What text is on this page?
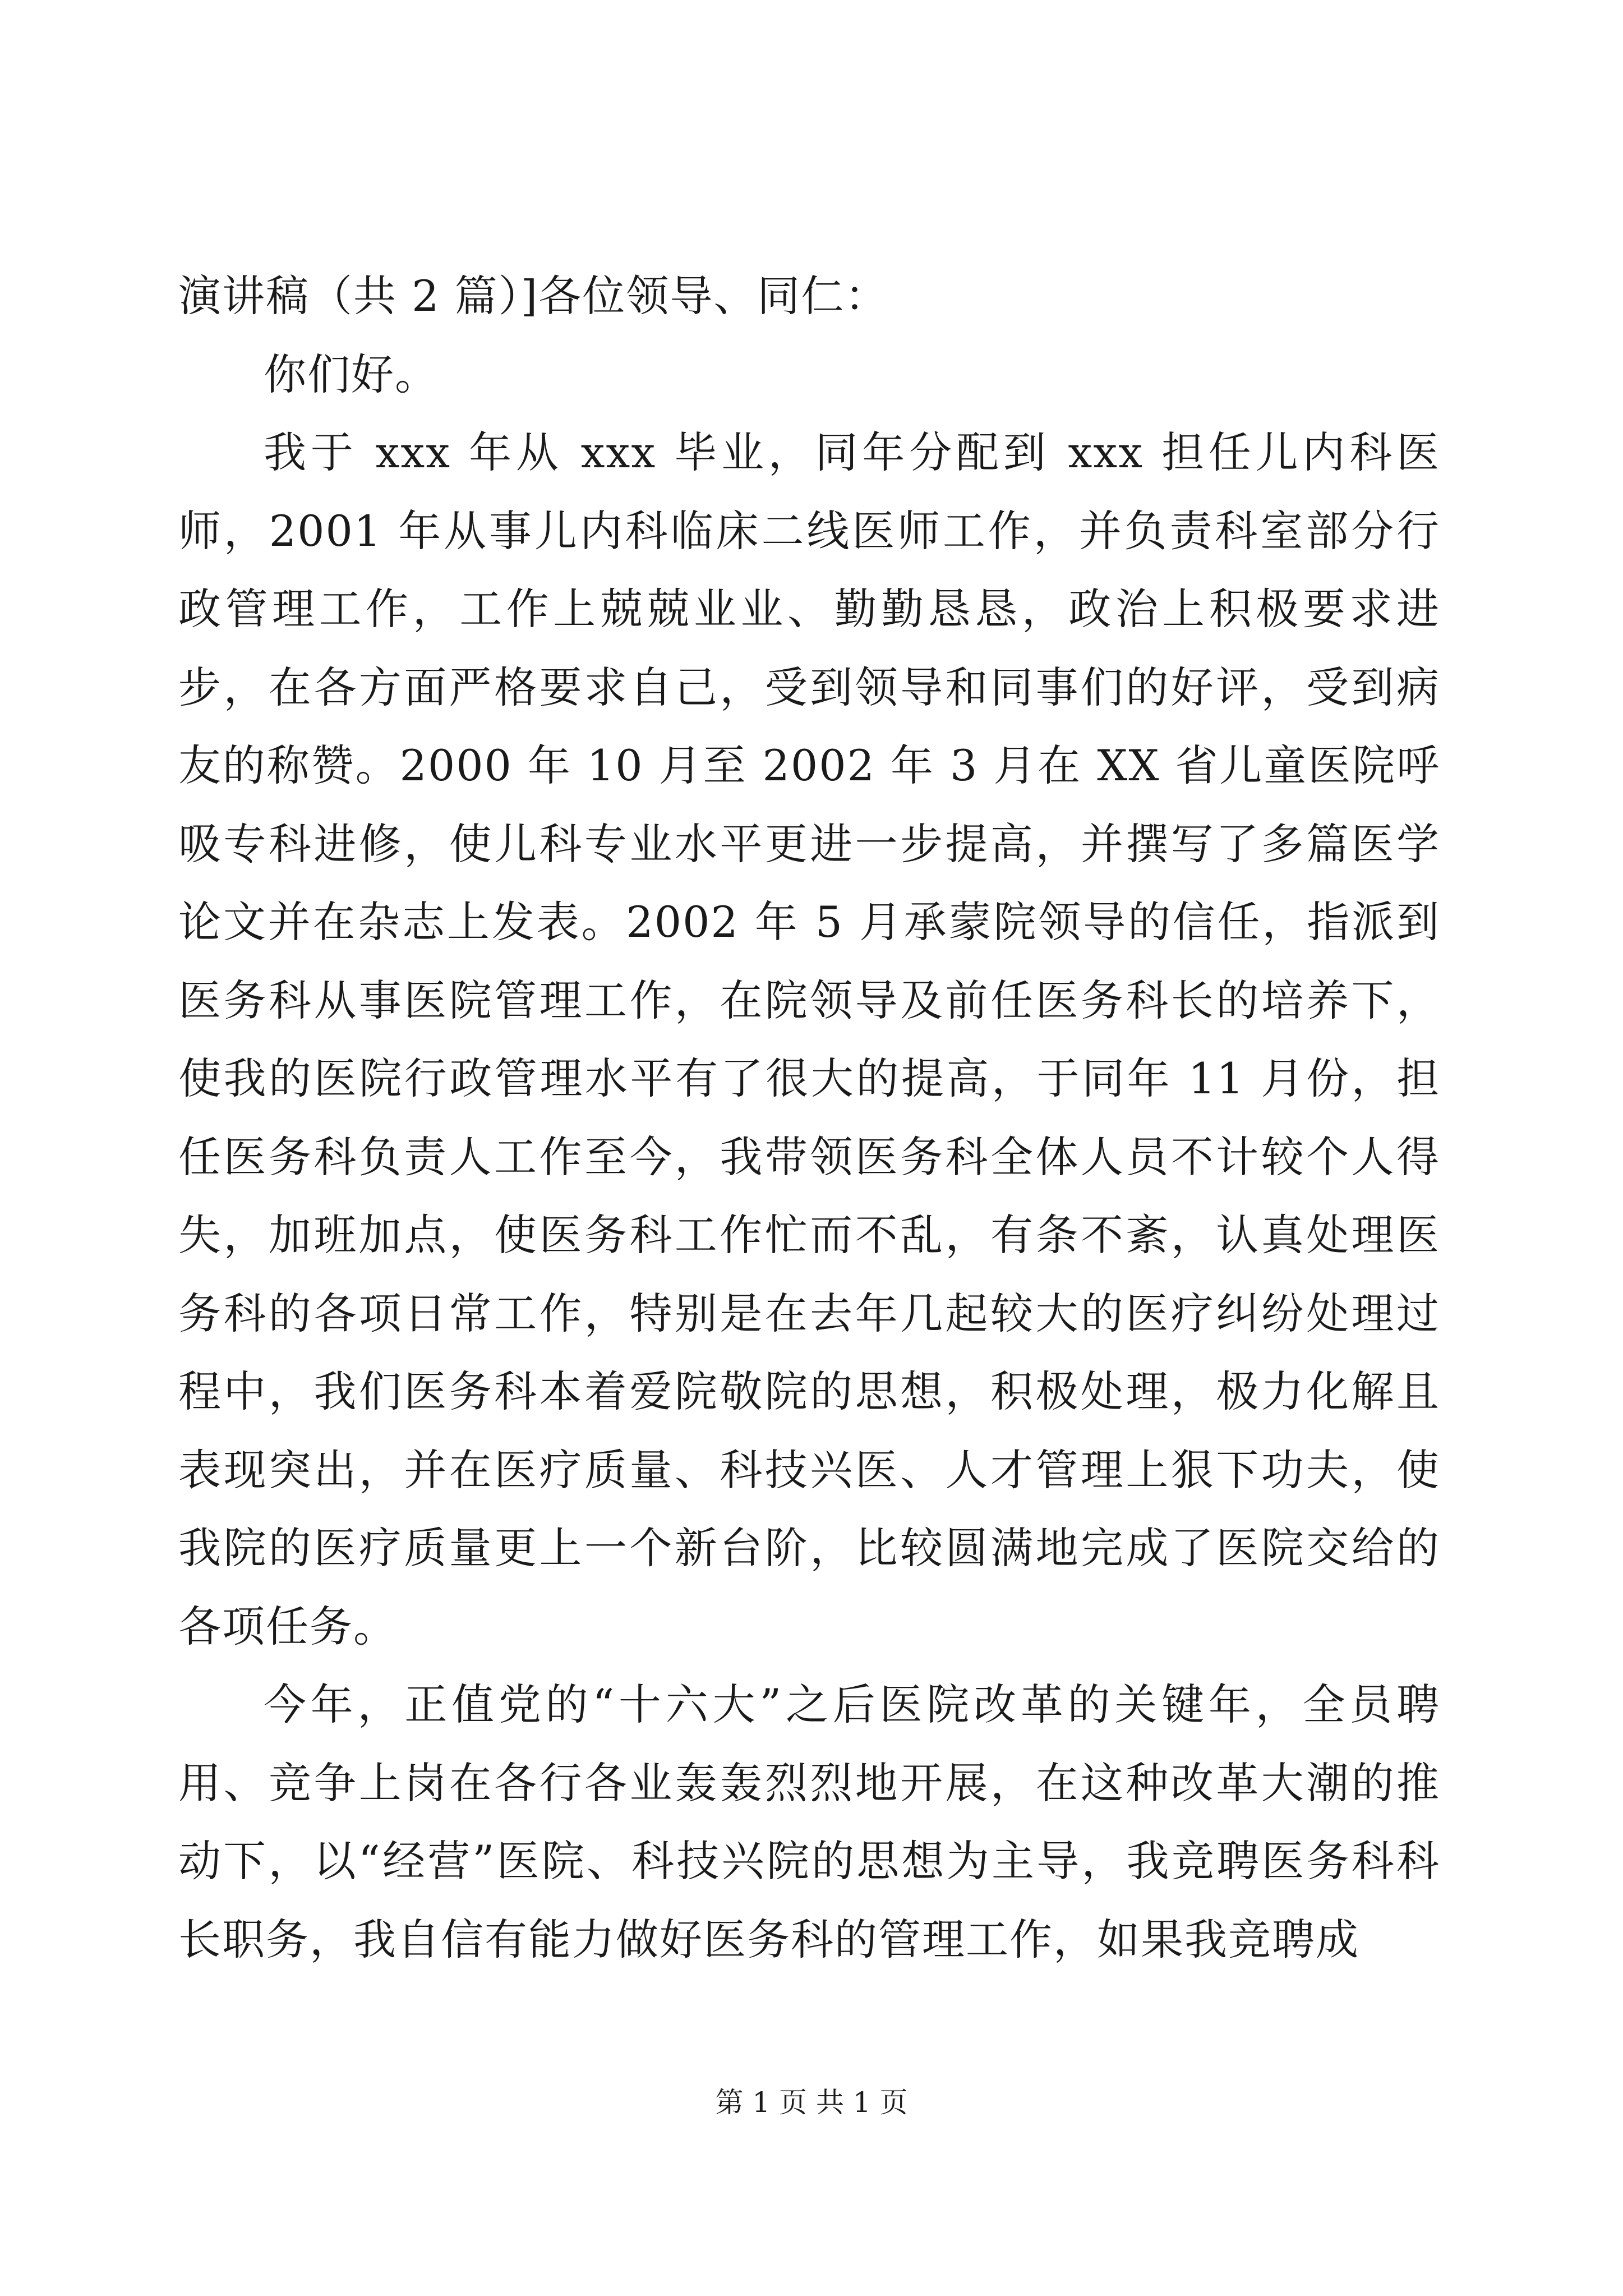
演讲稿（共 2 篇）]各位领导、同仁：

你们好。

我于 xxx 年从 xxx 毕业，同年分配到 xxx 担任儿内科医师，2001 年从事儿内科临床二线医师工作，并负责科室部分行政管理工作，工作上兢兢业业、勤勤恳恳，政治上积极要求进步，在各方面严格要求自己，受到领导和同事们的好评，受到病友的称赞。2000 年 10 月至 2002 年 3 月在 XX 省儿童医院呼吸专科进修，使儿科专业水平更进一步提高，并撰写了多篇医学论文并在杂志上发表。2002 年 5 月承蒙院领导的信任，指派到医务科从事医院管理工作，在院领导及前任医务科长的培养下，使我的医院行政管理水平有了很大的提高，于同年 11 月份，担任医务科负责人工作至今，我带领医务科全体人员不计较个人得失，加班加点，使医务科工作忙而不乱，有条不紊，认真处理医务科的各项日常工作，特别是在去年几起较大的医疗纠纷处理过程中，我们医务科本着爱院敬院的思想，积极处理，极力化解且表现突出，并在医疗质量、科技兴医、人才管理上狠下功夫，使我院的医疗质量更上一个新台阶，比较圆满地完成了医院交给的各项任务。

今年，正值党的“十六大”之后医院改革的关键年，全员聘用、竞争上岗在各行各业轰轰烈烈地开展，在这种改革大潮的推动下，以“经营”医院、科技兴院的思想为主导，我竞聘医务科科长职务，我自信有能力做好医务科的管理工作，如果我竞聘成

第 1 页 共 1 页
